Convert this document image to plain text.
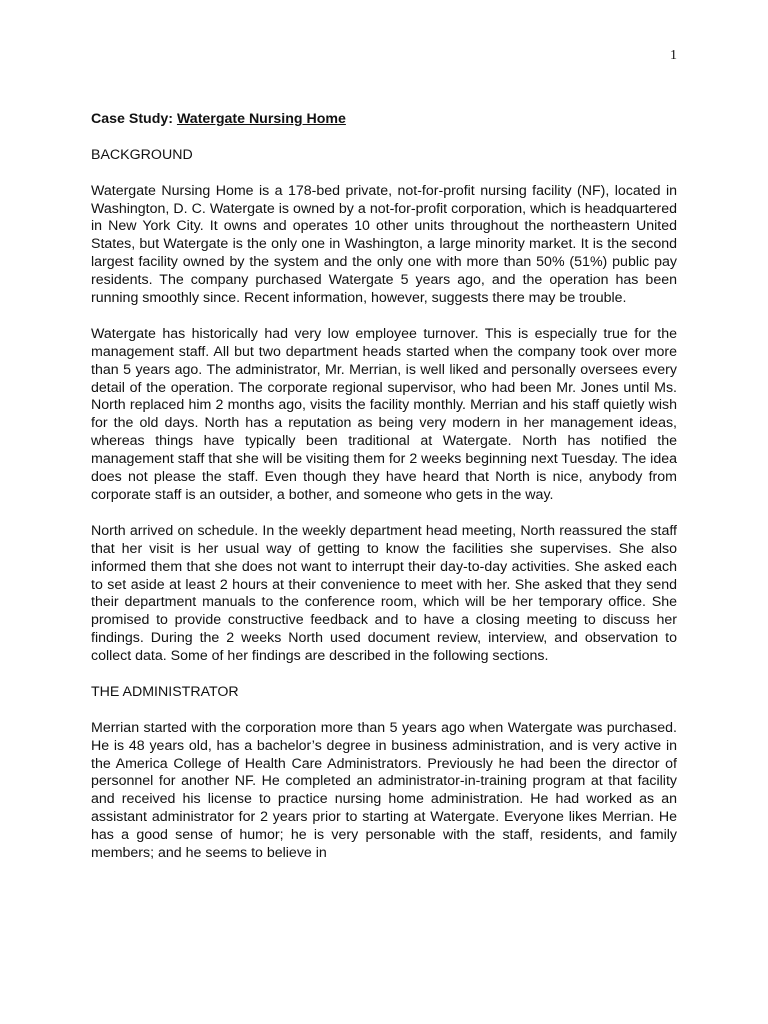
1

Case Study: Watergate Nursing Home

BACKGROUND

Watergate Nursing Home is a 178-bed private, not-for-profit nursing facility (NF), located in Washington, D. C. Watergate is owned by a not-for-profit corporation, which is headquartered in New York City. It owns and operates 10 other units throughout the northeastern United States, but Watergate is the only one in Washington, a large minority market. It is the second largest facility owned by the system and the only one with more than 50% (51%) public pay residents. The company purchased Watergate 5 years ago, and the operation has been running smoothly since. Recent information, however, suggests there may be trouble.

Watergate has historically had very low employee turnover. This is especially true for the management staff. All but two department heads started when the company took over more than 5 years ago. The administrator, Mr. Merrian, is well liked and personally oversees every detail of the operation. The corporate regional supervisor, who had been Mr. Jones until Ms. North replaced him 2 months ago, visits the facility monthly. Merrian and his staff quietly wish for the old days. North has a reputation as being very modern in her management ideas, whereas things have typically been traditional at Watergate. North has notified the management staff that she will be visiting them for 2 weeks beginning next Tuesday. The idea does not please the staff. Even though they have heard that North is nice, anybody from corporate staff is an outsider, a bother, and someone who gets in the way.

North arrived on schedule. In the weekly department head meeting, North reassured the staff that her visit is her usual way of getting to know the facilities she supervises. She also informed them that she does not want to interrupt their day-to-day activities. She asked each to set aside at least 2 hours at their convenience to meet with her. She asked that they send their department manuals to the conference room, which will be her temporary office. She promised to provide constructive feedback and to have a closing meeting to discuss her findings. During the 2 weeks North used document review, interview, and observation to collect data. Some of her findings are described in the following sections.

THE ADMINISTRATOR

Merrian started with the corporation more than 5 years ago when Watergate was purchased. He is 48 years old, has a bachelor’s degree in business administration, and is very active in the America College of Health Care Administrators. Previously he had been the director of personnel for another NF. He completed an administrator-in-training program at that facility and received his license to practice nursing home administration. He had worked as an assistant administrator for 2 years prior to starting at Watergate. Everyone likes Merrian. He has a good sense of humor; he is very personable with the staff, residents, and family members; and he seems to believe in
